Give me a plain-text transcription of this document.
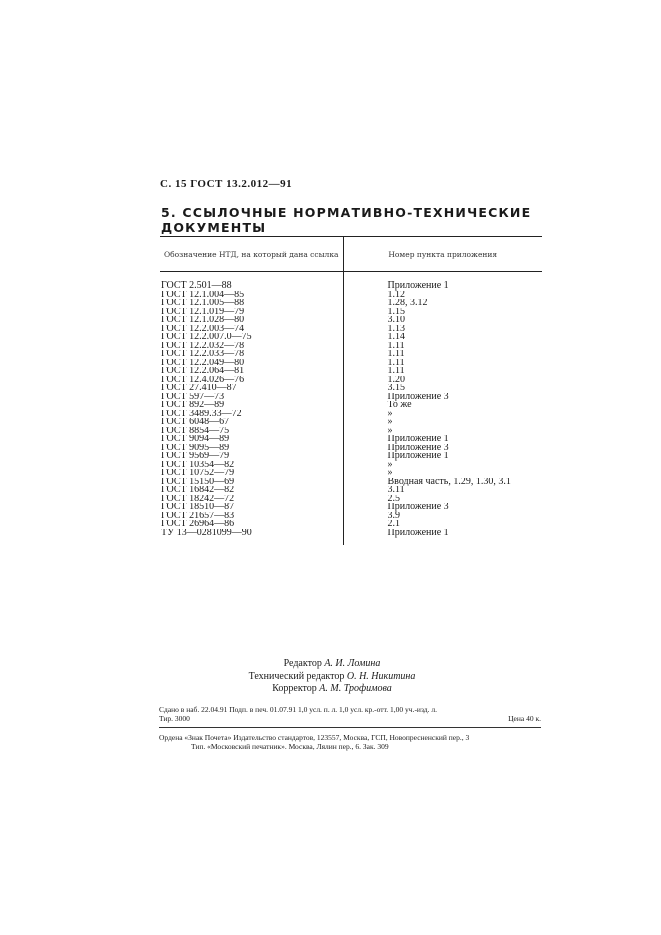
С. 15 ГОСТ 13.2.012—91
5. ССЫЛОЧНЫЕ НОРМАТИВНО-ТЕХНИЧЕСКИЕ ДОКУМЕНТЫ
Обозначение НТД, на который дана ссылка	Номер пункта приложения
ГОСТ 2.501—88	Приложение 1
ГОСТ 12.1.004—85	1.12
ГОСТ 12.1.005—88	1.28, 3.12
ГОСТ 12.1.019—79	1.15
ГОСТ 12.1.028—80	3.10
ГОСТ 12.2.003—74	1.13
ГОСТ 12.2.007.0—75	1.14
ГОСТ 12.2.032—78	1.11
ГОСТ 12.2.033—78	1.11
ГОСТ 12.2.049—80	1.11
ГОСТ 12.2.064—81	1.11
ГОСТ 12.4.026—76	1.20
ГОСТ 27.410—87	3.15
ГОСТ 597—73	Приложение 3
ГОСТ 892—89	То же
ГОСТ 3489.33—72	»
ГОСТ 6048—67	»
ГОСТ 8854—75	»
ГОСТ 9094—89	Приложение 1
ГОСТ 9095—89	Приложение 3
ГОСТ 9569—79	Приложение 1
ГОСТ 10354—82	»
ГОСТ 10752—79	»
ГОСТ 15150—69	Вводная часть, 1.29, 1.30, 3.1
ГОСТ 16842—82	3.11
ГОСТ 18242—72	2.5
ГОСТ 18510—87	Приложение 3
ГОСТ 21657—83	3.9
ГОСТ 26964—86	2.1
ТУ 13—0281099—90	Приложение 1
Редактор А. И. Ломина
Технический редактор О. Н. Никитина
Корректор А. М. Трофимова
Сдано в наб. 22.04.91 Подп. в печ. 01.07.91 1,0 усл. п. л. 1,0 усл. кр.-отт. 1,00 уч.-изд. л.
Тир. 3000	Цена 40 к.
Ордена «Знак Почета» Издательство стандартов, 123557, Москва, ГСП, Новопресненский пер., 3
Тип. «Московский печатник». Москва, Лялин пер., 6. Зак. 309
